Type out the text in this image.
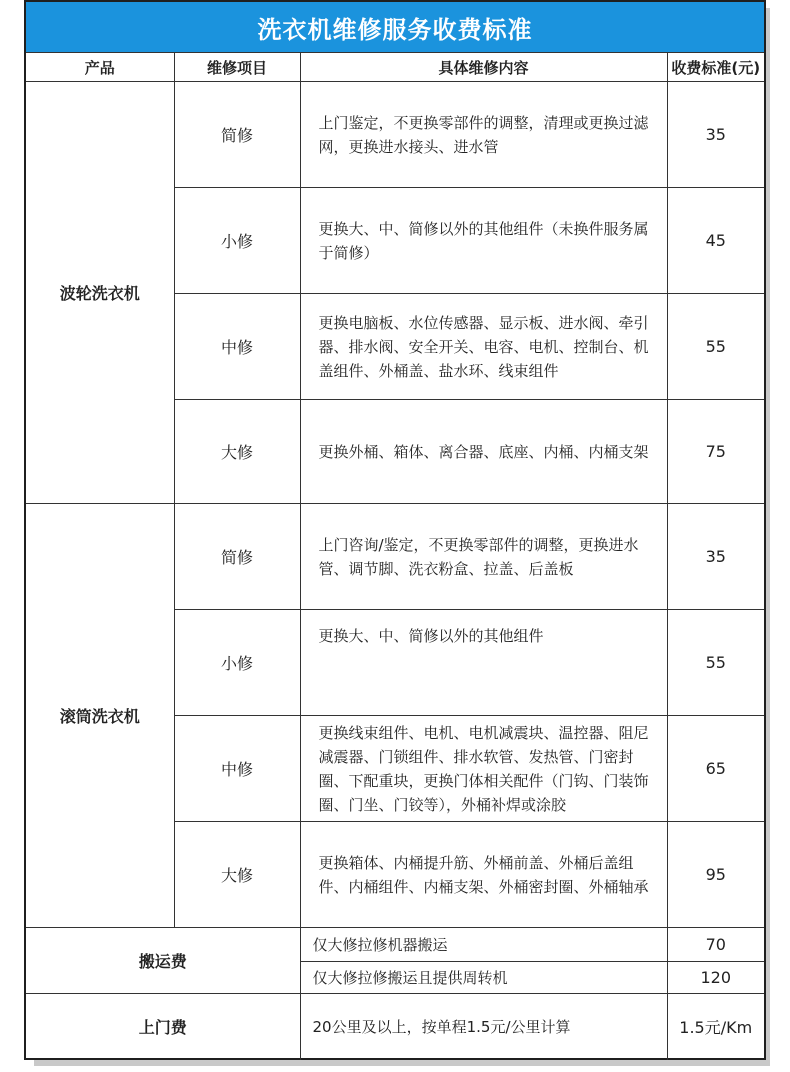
洗衣机维修服务收费标准
产品	维修项目	具体维修内容	收费标准(元)
波轮洗衣机	简修	上门鉴定，不更换零部件的调整，清理或更换过滤网，更换进水接头、进水管	35
	小修	更换大、中、简修以外的其他组件（未换件服务属于简修）	45
	中修	更换电脑板、水位传感器、显示板、进水阀、牵引器、排水阀、安全开关、电容、电机、控制台、机盖组件、外桶盖、盐水环、线束组件	55
	大修	更换外桶、箱体、离合器、底座、内桶、内桶支架	75
滚筒洗衣机	简修	上门咨询/鉴定，不更换零部件的调整，更换进水管、调节脚、洗衣粉盒、拉盖、后盖板	35
	小修	更换大、中、简修以外的其他组件	55
	中修	更换线束组件、电机、电机减震块、温控器、阻尼减震器、门锁组件、排水软管、发热管、门密封圈、下配重块，更换门体相关配件（门钩、门装饰圈、门坐、门铰等），外桶补焊或涂胶	65
	大修	更换箱体、内桶提升筋、外桶前盖、外桶后盖组件、内桶组件、内桶支架、外桶密封圈、外桶轴承	95
搬运费		仅大修拉修机器搬运	70
		仅大修拉修搬运且提供周转机	120
上门费		20公里及以上，按单程1.5元/公里计算	1.5元/Km
